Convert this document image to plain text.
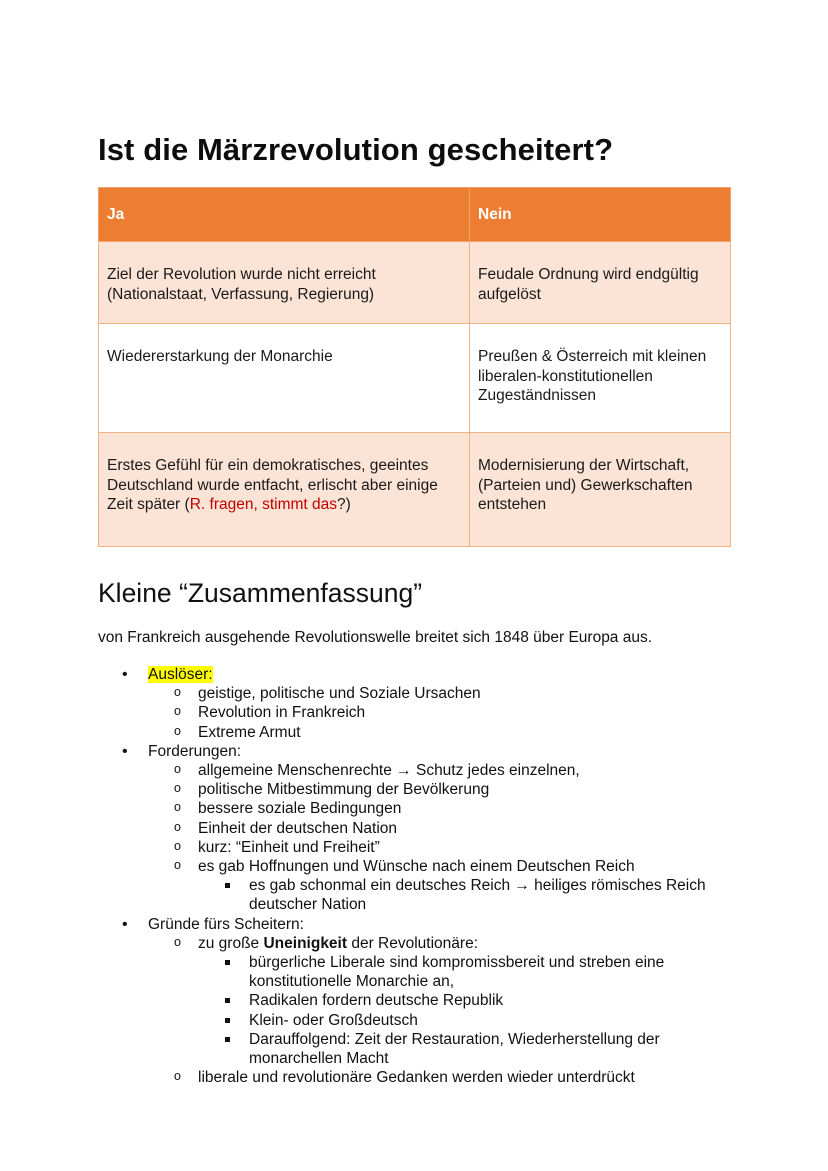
Ist die Märzrevolution gescheitert?
Ja	Nein
Ziel der Revolution wurde nicht erreicht (Nationalstaat, Verfassung, Regierung)	Feudale Ordnung wird endgültig aufgelöst
Wiedererstarkung der Monarchie	Preußen & Österreich mit kleinen liberalen-konstitutionellen Zugeständnissen
Erstes Gefühl für ein demokratisches, geeintes Deutschland wurde entfacht, erlischt aber einige Zeit später (R. fragen, stimmt das?)	Modernisierung der Wirtschaft, (Parteien und) Gewerkschaften entstehen
Kleine “Zusammenfassung”

von Frankreich ausgehende Revolutionswelle breitet sich 1848 über Europa aus.

• Auslöser:
o geistige, politische und Soziale Ursachen
o Revolution in Frankreich
o Extreme Armut
• Forderungen:
o allgemeine Menschenrechte → Schutz jedes einzelnen,
o politische Mitbestimmung der Bevölkerung
o bessere soziale Bedingungen
o Einheit der deutschen Nation
o kurz: “Einheit und Freiheit”
o es gab Hoffnungen und Wünsche nach einem Deutschen Reich
es gab schonmal ein deutsches Reich → heiliges römisches Reich deutscher Nation
• Gründe fürs Scheitern:
o zu große Uneinigkeit der Revolutionäre:
bürgerliche Liberale sind kompromissbereit und streben eine konstitutionelle Monarchie an,
Radikalen fordern deutsche Republik
Klein- oder Großdeutsch
Darauffolgend: Zeit der Restauration, Wiederherstellung der monarchellen Macht
o liberale und revolutionäre Gedanken werden wieder unterdrückt
